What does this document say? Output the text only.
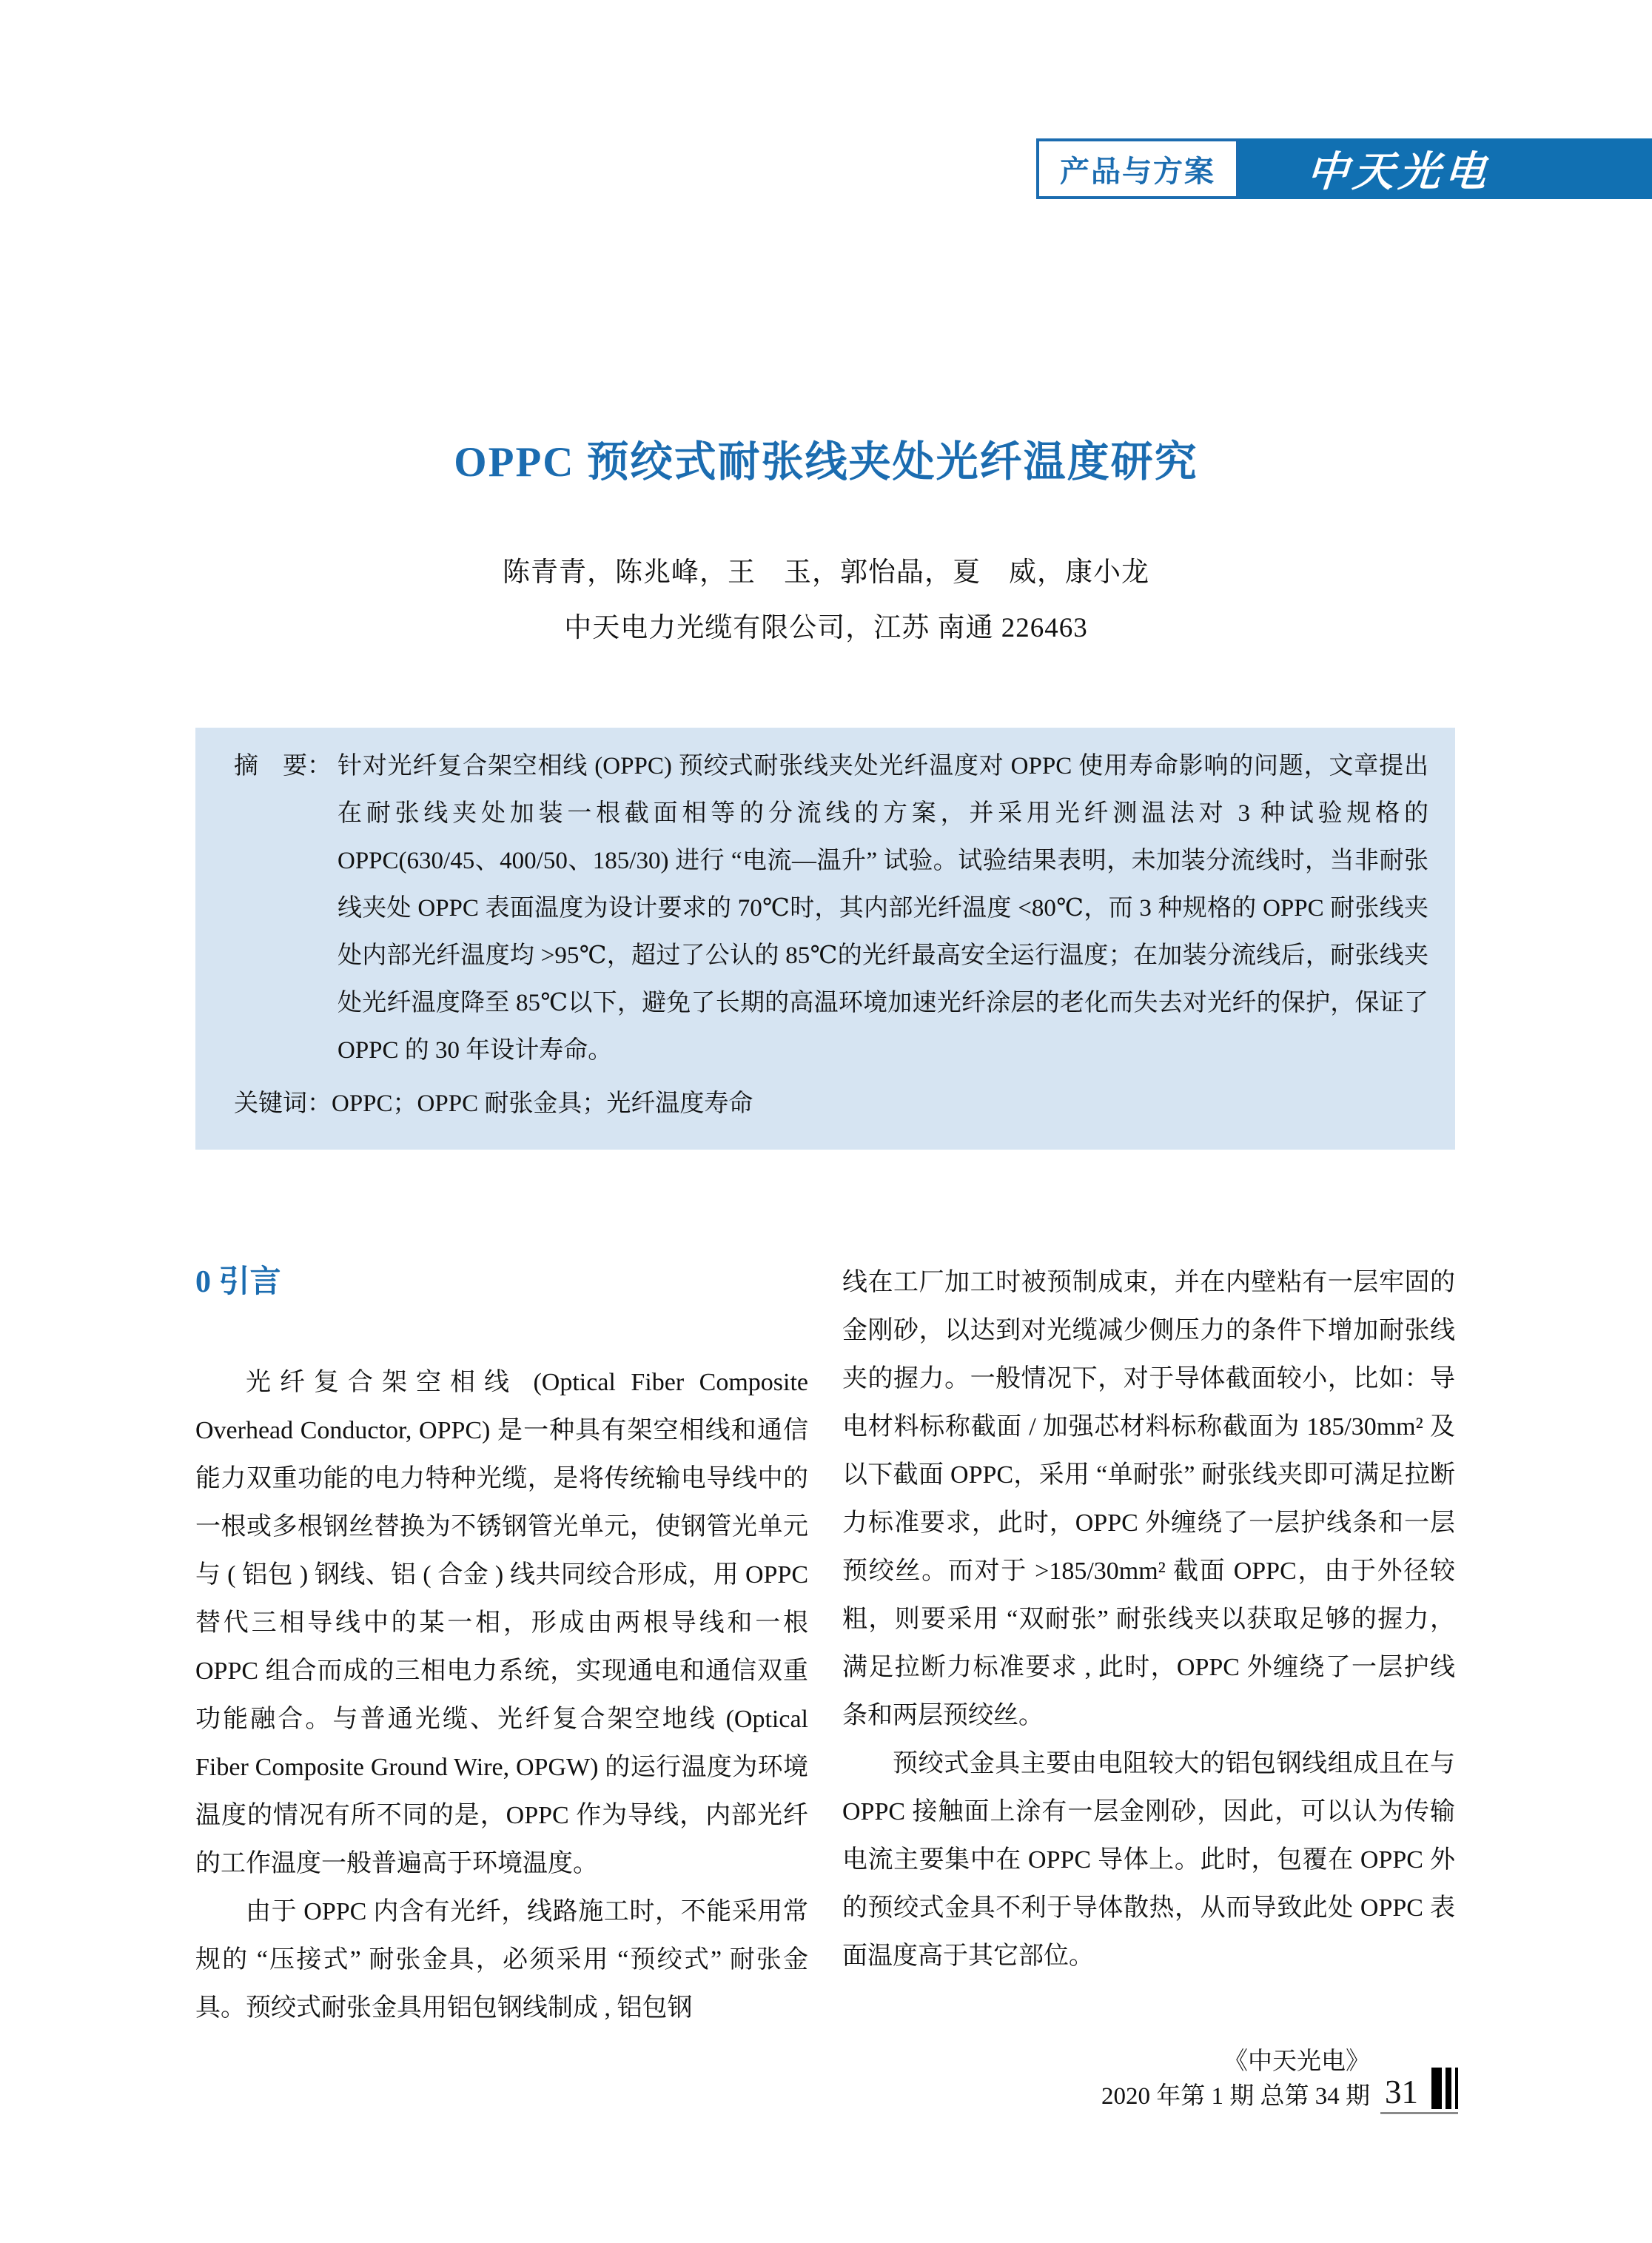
产品与方案	中天光电
OPPC 预绞式耐张线夹处光纤温度研究
陈青青，陈兆峰，王　玉，郭怡晶，夏　威，康小龙
中天电力光缆有限公司，江苏 南通 226463
摘　要： 针对光纤复合架空相线 (OPPC) 预绞式耐张线夹处光纤温度对 OPPC 使用寿命影响的问题，文章提出在耐张线夹处加装一根截面相等的分流线的方案，并采用光纤测温法对 3 种试验规格的 OPPC(630/45、400/50、185/30) 进行 “电流—温升” 试验。试验结果表明，未加装分流线时，当非耐张线夹处 OPPC 表面温度为设计要求的 70℃时，其内部光纤温度 <80℃，而 3 种规格的 OPPC 耐张线夹处内部光纤温度均 >95℃，超过了公认的 85℃的光纤最高安全运行温度；在加装分流线后，耐张线夹处光纤温度降至 85℃以下，避免了长期的高温环境加速光纤涂层的老化而失去对光纤的保护，保证了 OPPC 的 30 年设计寿命。
关键词：OPPC；OPPC 耐张金具；光纤温度寿命
0 引言

光纤复合架空相线 (Optical Fiber Composite Overhead Conductor, OPPC) 是一种具有架空相线和通信能力双重功能的电力特种光缆，是将传统输电导线中的一根或多根钢丝替换为不锈钢管光单元，使钢管光单元与 ( 铝包 ) 钢线、铝 ( 合金 ) 线共同绞合形成，用 OPPC 替代三相导线中的某一相，形成由两根导线和一根 OPPC 组合而成的三相电力系统，实现通电和通信双重功能融合。与普通光缆、光纤复合架空地线 (Optical Fiber Composite Ground Wire, OPGW) 的运行温度为环境温度的情况有所不同的是，OPPC 作为导线，内部光纤的工作温度一般普遍高于环境温度。

由于 OPPC 内含有光纤，线路施工时，不能采用常规的 “压接式” 耐张金具，必须采用 “预绞式” 耐张金具。预绞式耐张金具用铝包钢线制成 , 铝包钢

线在工厂加工时被预制成束，并在内壁粘有一层牢固的金刚砂，以达到对光缆减少侧压力的条件下增加耐张线夹的握力。一般情况下，对于导体截面较小，比如：导电材料标称截面 / 加强芯材料标称截面为 185/30mm² 及以下截面 OPPC，采用 “单耐张” 耐张线夹即可满足拉断力标准要求，此时，OPPC 外缠绕了一层护线条和一层预绞丝。而对于 >185/30mm² 截面 OPPC，由于外径较粗，则要采用 “双耐张” 耐张线夹以获取足够的握力，满足拉断力标准要求 , 此时，OPPC 外缠绕了一层护线条和两层预绞丝。

预绞式金具主要由电阻较大的铝包钢线组成且在与 OPPC 接触面上涂有一层金刚砂，因此，可以认为传输电流主要集中在 OPPC 导体上。此时，包覆在 OPPC 外的预绞式金具不利于导体散热，从而导致此处 OPPC 表面温度高于其它部位。

《中天光电》
2020 年第 1 期 总第 34 期 31
